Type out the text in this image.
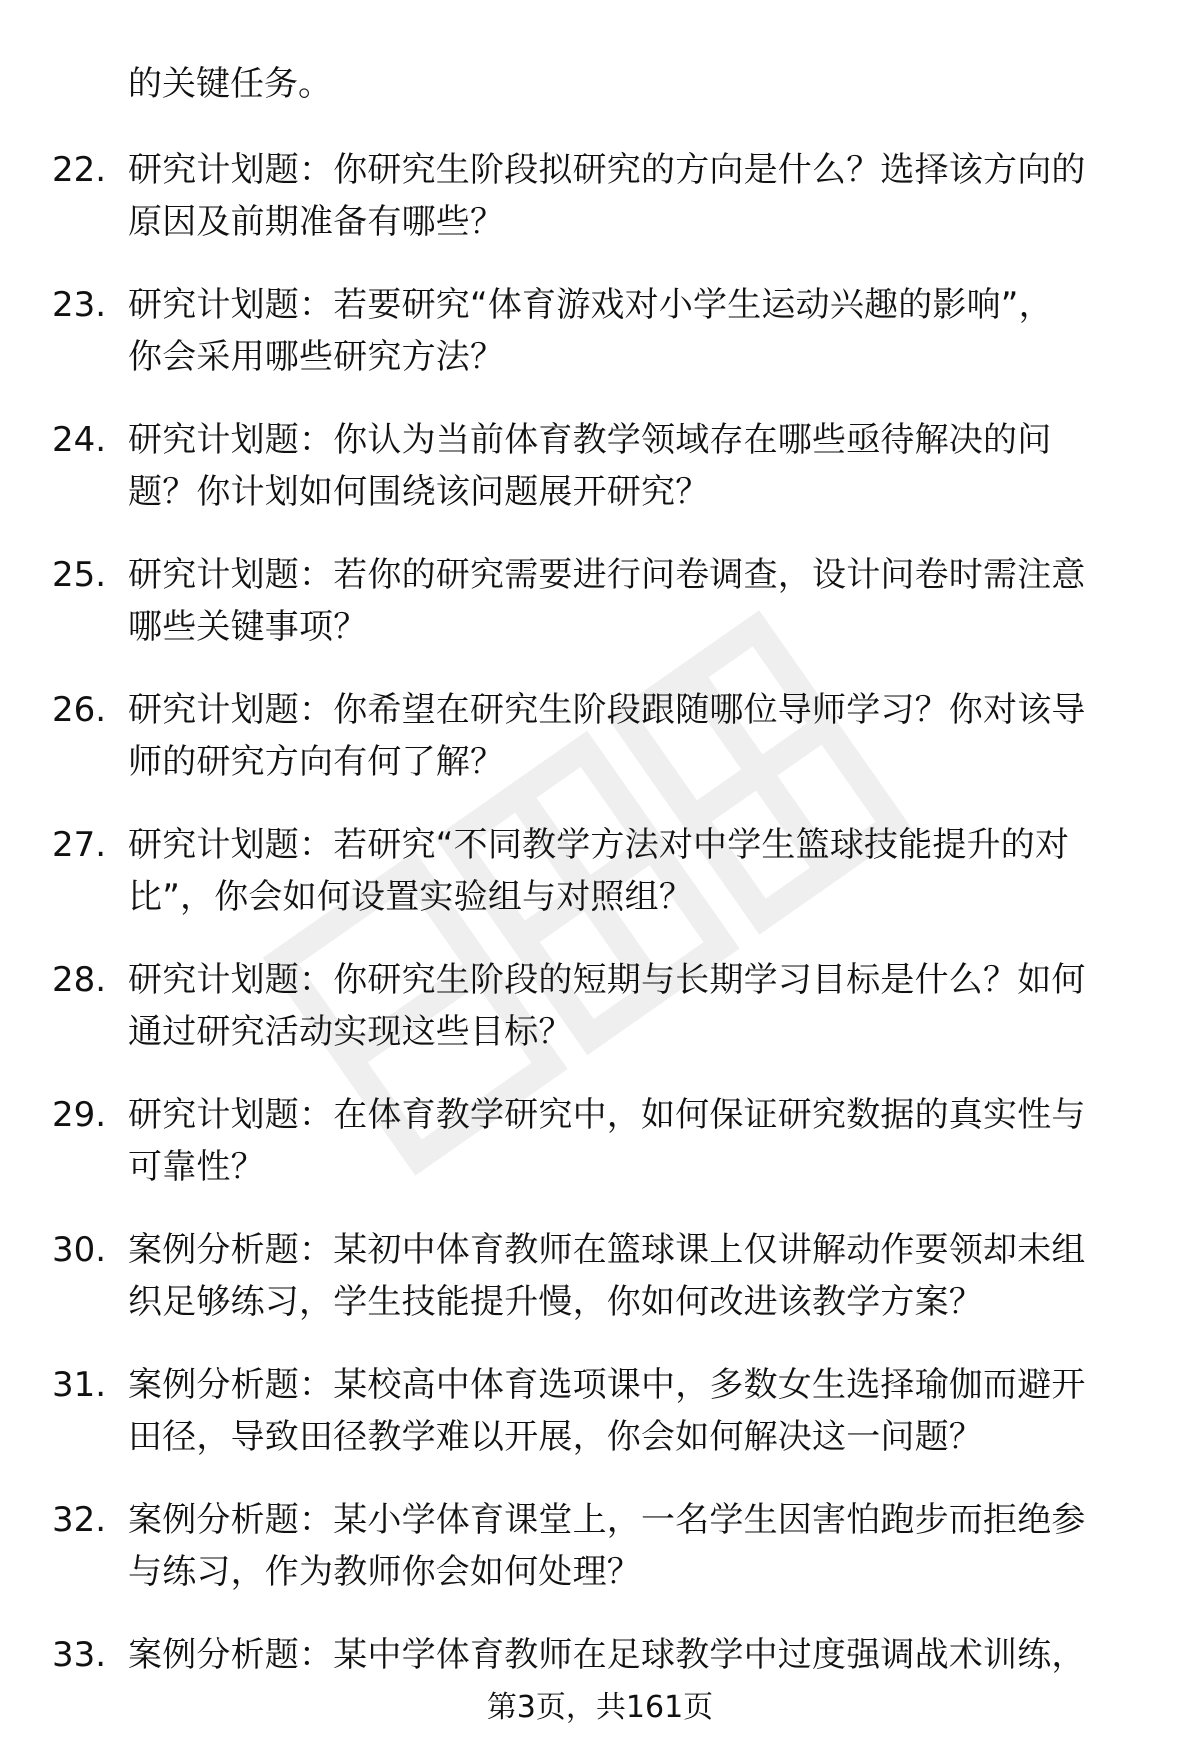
的关键任务。
22. 研究计划题：你研究生阶段拟研究的方向是什么？选择该方向的
原因及前期准备有哪些？
23. 研究计划题：若要研究“体育游戏对小学生运动兴趣的影响”，
你会采用哪些研究方法？
24. 研究计划题：你认为当前体育教学领域存在哪些亟待解决的问
题？你计划如何围绕该问题展开研究？
25. 研究计划题：若你的研究需要进行问卷调查，设计问卷时需注意
哪些关键事项？
26. 研究计划题：你希望在研究生阶段跟随哪位导师学习？你对该导
师的研究方向有何了解？
27. 研究计划题：若研究“不同教学方法对中学生篮球技能提升的对
比”，你会如何设置实验组与对照组？
28. 研究计划题：你研究生阶段的短期与长期学习目标是什么？如何
通过研究活动实现这些目标？
29. 研究计划题：在体育教学研究中，如何保证研究数据的真实性与
可靠性？
30. 案例分析题：某初中体育教师在篮球课上仅讲解动作要领却未组
织足够练习，学生技能提升慢，你如何改进该教学方案？
31. 案例分析题：某校高中体育选项课中，多数女生选择瑜伽而避开
田径，导致田径教学难以开展，你会如何解决这一问题？
32. 案例分析题：某小学体育课堂上，一名学生因害怕跑步而拒绝参
与练习，作为教师你会如何处理？
33. 案例分析题：某中学体育教师在足球教学中过度强调战术训练，
第3页，共161页
